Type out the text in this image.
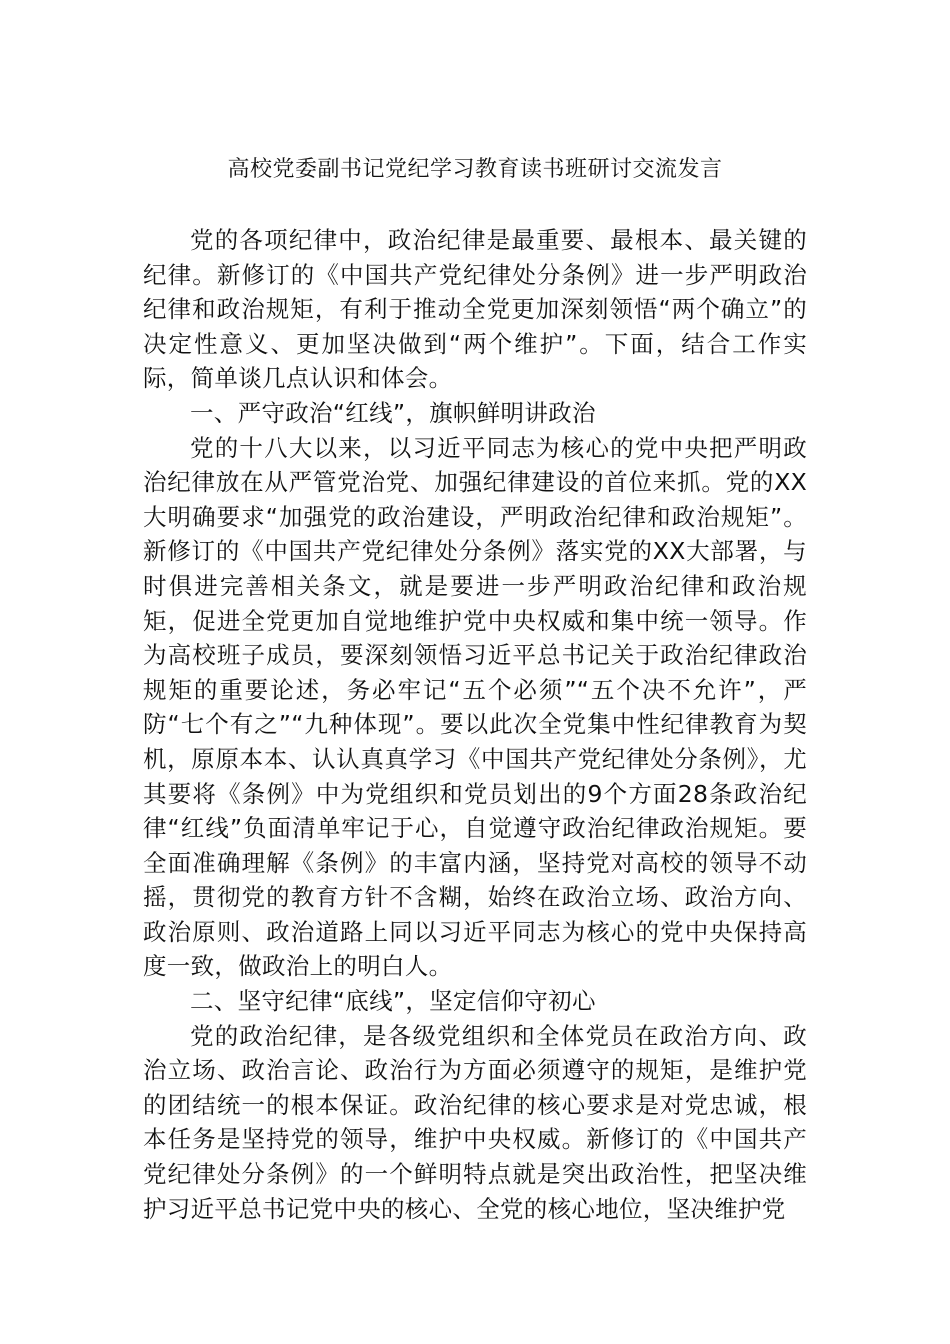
高校党委副书记党纪学习教育读书班研讨交流发言

党的各项纪律中，政治纪律是最重要、最根本、最关键的纪律。新修订的《中国共产党纪律处分条例》进一步严明政治纪律和政治规矩，有利于推动全党更加深刻领悟“两个确立”的决定性意义、更加坚决做到“两个维护”。下面，结合工作实际，简单谈几点认识和体会。

一、严守政治“红线”，旗帜鲜明讲政治

党的十八大以来，以习近平同志为核心的党中央把严明政治纪律放在从严管党治党、加强纪律建设的首位来抓。党的XX大明确要求“加强党的政治建设，严明政治纪律和政治规矩”。新修订的《中国共产党纪律处分条例》落实党的XX大部署，与时俱进完善相关条文，就是要进一步严明政治纪律和政治规矩，促进全党更加自觉地维护党中央权威和集中统一领导。作为高校班子成员，要深刻领悟习近平总书记关于政治纪律政治规矩的重要论述，务必牢记“五个必须”“五个决不允许”，严防“七个有之”“九种体现”。要以此次全党集中性纪律教育为契机，原原本本、认认真真学习《中国共产党纪律处分条例》，尤其要将《条例》中为党组织和党员划出的9个方面28条政治纪律“红线”负面清单牢记于心，自觉遵守政治纪律政治规矩。要全面准确理解《条例》的丰富内涵，坚持党对高校的领导不动摇，贯彻党的教育方针不含糊，始终在政治立场、政治方向、政治原则、政治道路上同以习近平同志为核心的党中央保持高度一致，做政治上的明白人。

二、坚守纪律“底线”，坚定信仰守初心

党的政治纪律，是各级党组织和全体党员在政治方向、政治立场、政治言论、政治行为方面必须遵守的规矩，是维护党的团结统一的根本保证。政治纪律的核心要求是对党忠诚，根本任务是坚持党的领导，维护中央权威。新修订的《中国共产党纪律处分条例》的一个鲜明特点就是突出政治性，把坚决维护习近平总书记党中央的核心、全党的核心地位，坚决维护党
